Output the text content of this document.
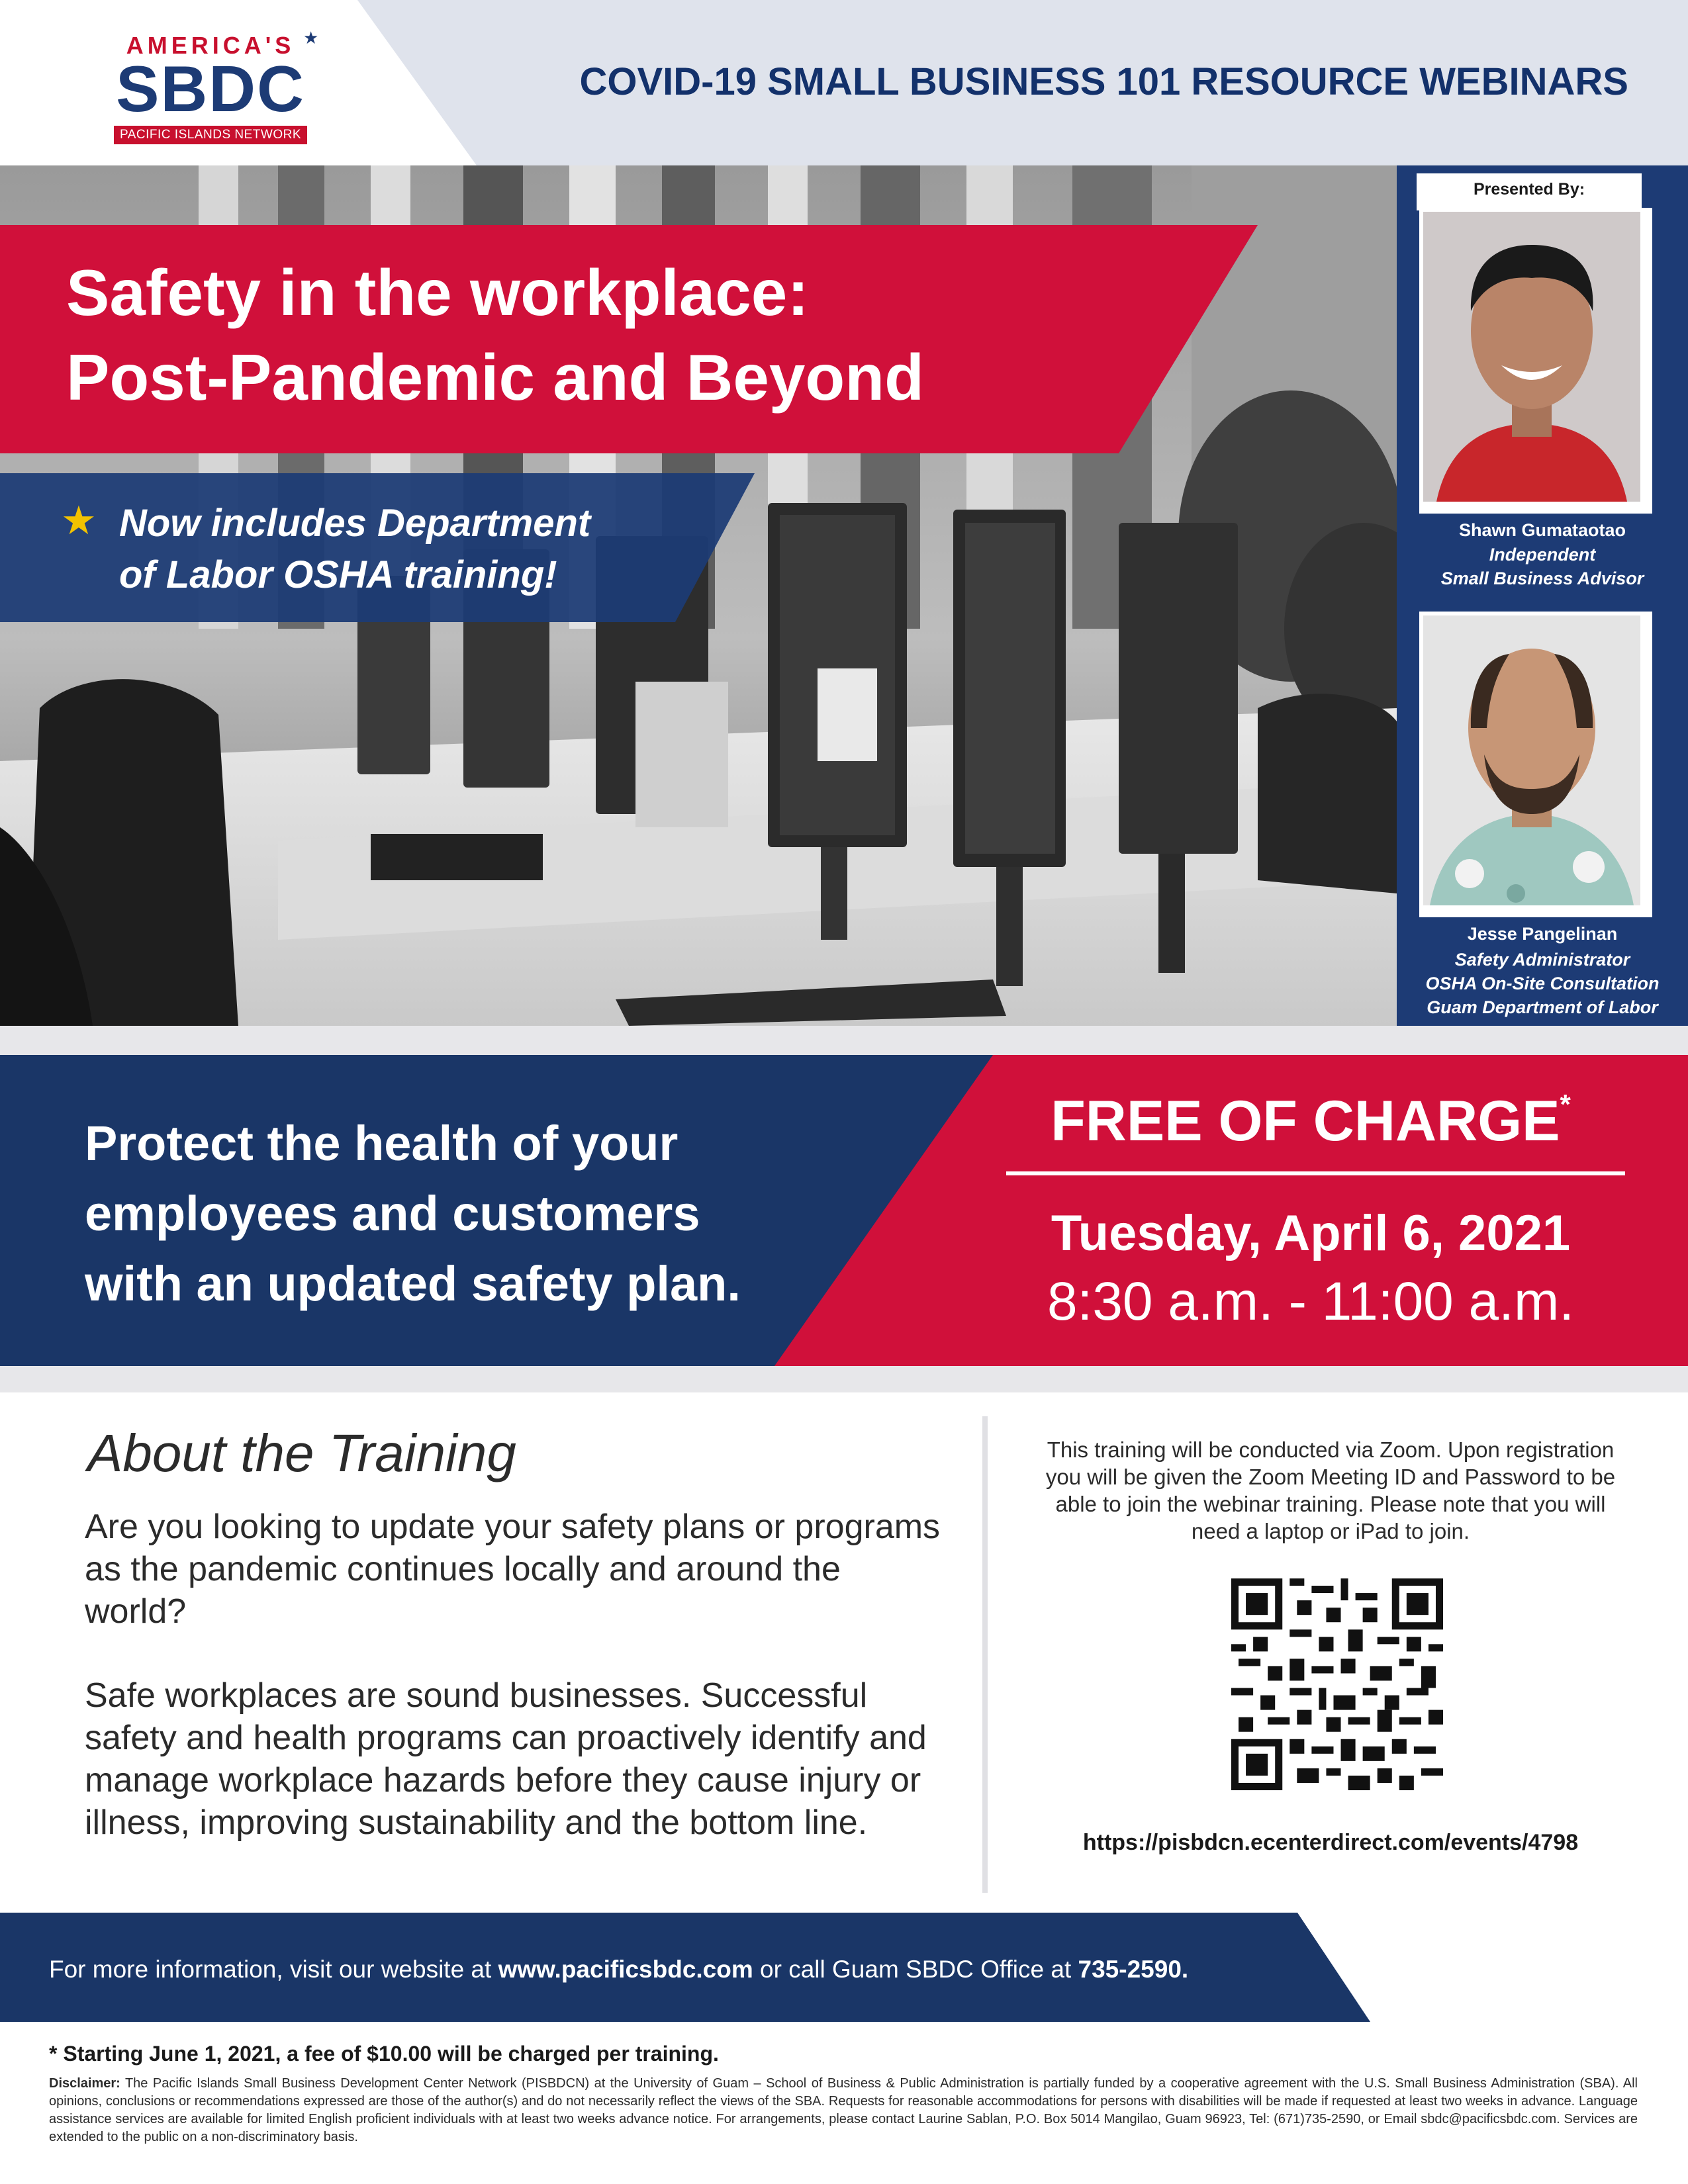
AMERICA'S ★
SBDC
PACIFIC ISLANDS NETWORK
COVID-19 SMALL BUSINESS 101 RESOURCE WEBINARS
Safety in the workplace:
Post-Pandemic and Beyond
★ Now includes Department
of Labor OSHA training!
Presented By:
Shawn Gumataotao
Independent
Small Business Advisor
Jesse Pangelinan
Safety Administrator
OSHA On-Site Consultation
Guam Department of Labor
Protect the health of your
employees and customers
with an updated safety plan.
FREE OF CHARGE*
Tuesday, April 6, 2021
8:30 a.m. - 11:00 a.m.
About the Training
Are you looking to update your safety plans or programs as the pandemic continues locally and around the world?
Safe workplaces are sound businesses. Successful safety and health programs can proactively identify and manage workplace hazards before they cause injury or illness, improving sustainability and the bottom line.
This training will be conducted via Zoom. Upon registration you will be given the Zoom Meeting ID and Password to be able to join the webinar training. Please note that you will need a laptop or iPad to join.
https://pisbdcn.ecenterdirect.com/events/4798
For more information, visit our website at www.pacificsbdc.com or call Guam SBDC Office at 735-2590.
* Starting June 1, 2021, a fee of $10.00 will be charged per training.
Disclaimer: The Pacific Islands Small Business Development Center Network (PISBDCN) at the University of Guam – School of Business & Public Administration is partially funded by a cooperative agreement with the U.S. Small Business Administration (SBA). All opinions, conclusions or recommendations expressed are those of the author(s) and do not necessarily reflect the views of the SBA. Requests for reasonable accommodations for persons with disabilities will be made if requested at least two weeks in advance. Language assistance services are available for limited English proficient individuals with at least two weeks advance notice. For arrangements, please contact Laurine Sablan, P.O. Box 5014 Mangilao, Guam 96923, Tel: (671)735-2590, or Email sbdc@pacificsbdc.com. Services are extended to the public on a non-discriminatory basis.
